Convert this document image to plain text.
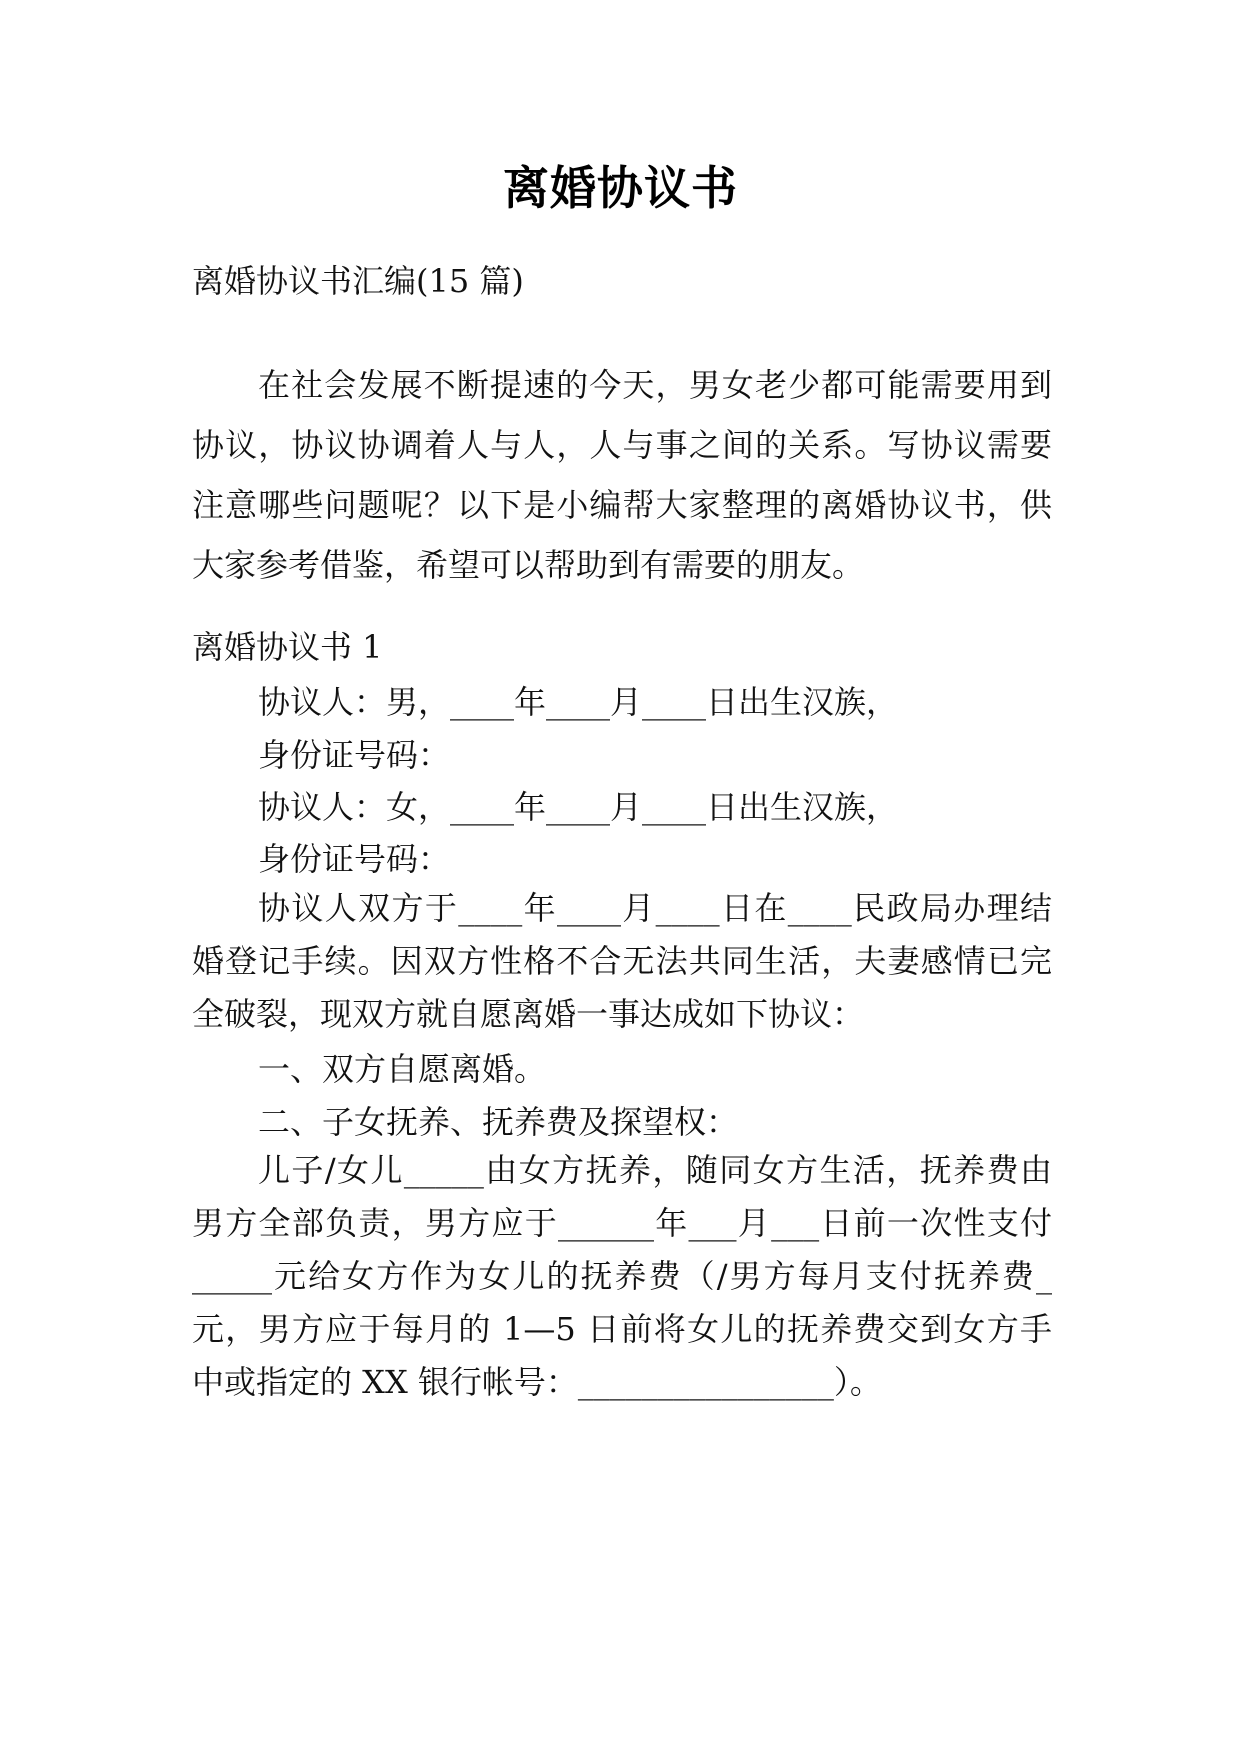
离婚协议书
离婚协议书汇编(15 篇)
在社会发展不断提速的今天，男女老少都可能需要用到协议，协议协调着人与人，人与事之间的关系。写协议需要注意哪些问题呢？以下是小编帮大家整理的离婚协议书，供大家参考借鉴，希望可以帮助到有需要的朋友。
离婚协议书 1
协议人：男，____年____月____日出生汉族，
身份证号码：
协议人：女，____年____月____日出生汉族，
身份证号码：
协议人双方于____年____月____日在____民政局办理结婚登记手续。因双方性格不合无法共同生活，夫妻感情已完全破裂，现双方就自愿离婚一事达成如下协议：
一、双方自愿离婚。
二、子女抚养、抚养费及探望权：
儿子/女儿_____由女方抚养，随同女方生活，抚养费由男方全部负责，男方应于______年___月___日前一次性支付_____元给女方作为女儿的抚养费（/男方每月支付抚养费_元，男方应于每月的 1—5 日前将女儿的抚养费交到女方手中或指定的 XX 银行帐号：________________）。
